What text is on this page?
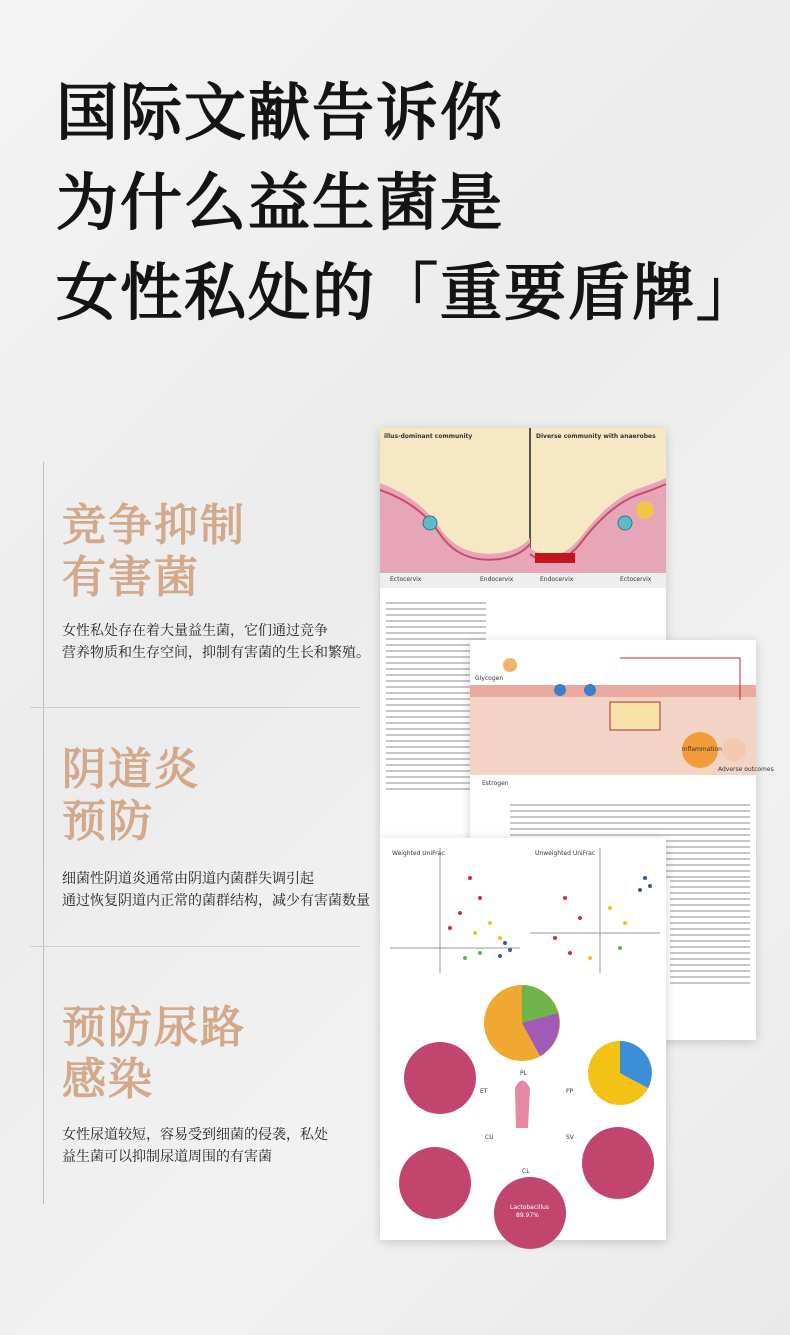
国际文献告诉你
为什么益生菌是
女性私处的「重要盾牌」
竞争抑制
有害菌
女性私处存在着大量益生菌，它们通过竞争
营养物质和生存空间，抑制有害菌的生长和繁殖。
阴道炎
预防
细菌性阴道炎通常由阴道内菌群失调引起
通过恢复阴道内正常的菌群结构，减少有害菌数量
预防尿路
感染
女性尿道较短，容易受到细菌的侵袭，私处
益生菌可以抑制尿道周围的有害菌
illus-dominant community	Diverse community with anaerobes
Ectocervix	Endocervix	Endocervix	Ectocervix
Glycogen
Estrogen
Inflammation
Adverse outcomes
Weighted UniFrac	Unweighted UniFrac
PL
FP
ET
CU	SV
CL
Lactobacillus
89.97%
